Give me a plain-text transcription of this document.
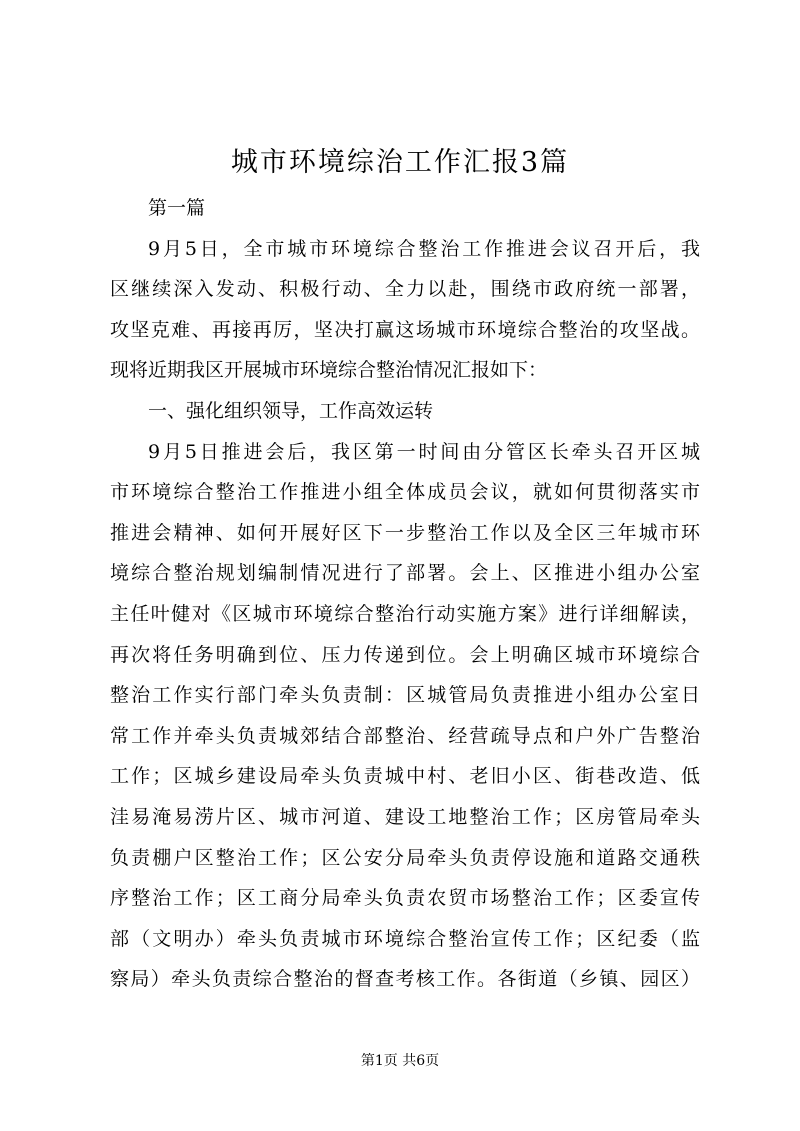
城市环境综治工作汇报3篇
第一篇
9月5日，全市城市环境综合整治工作推进会议召开后，我
区继续深入发动、积极行动、全力以赴，围绕市政府统一部署，
攻坚克难、再接再厉，坚决打赢这场城市环境综合整治的攻坚战。
现将近期我区开展城市环境综合整治情况汇报如下：
一、强化组织领导，工作高效运转
9月5日推进会后，我区第一时间由分管区长牵头召开区城
市环境综合整治工作推进小组全体成员会议，就如何贯彻落实市
推进会精神、如何开展好区下一步整治工作以及全区三年城市环
境综合整治规划编制情况进行了部署。会上、区推进小组办公室
主任叶健对《区城市环境综合整治行动实施方案》进行详细解读，
再次将任务明确到位、压力传递到位。会上明确区城市环境综合
整治工作实行部门牵头负责制：区城管局负责推进小组办公室日
常工作并牵头负责城郊结合部整治、经营疏导点和户外广告整治
工作；区城乡建设局牵头负责城中村、老旧小区、街巷改造、低
洼易淹易涝片区、城市河道、建设工地整治工作；区房管局牵头
负责棚户区整治工作；区公安分局牵头负责停设施和道路交通秩
序整治工作；区工商分局牵头负责农贸市场整治工作；区委宣传
部（文明办）牵头负责城市环境综合整治宣传工作；区纪委（监
察局）牵头负责综合整治的督查考核工作。各街道（乡镇、园区）
第1页 共6页
